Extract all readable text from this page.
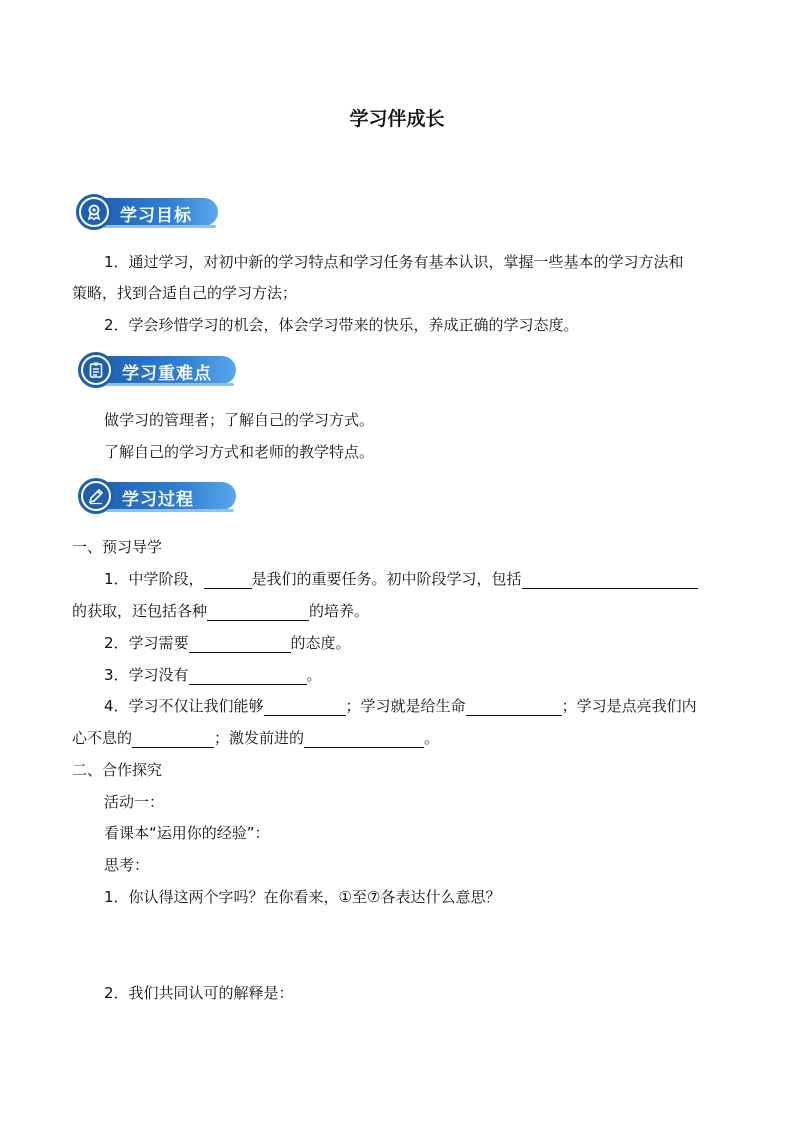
学习伴成长
学习目标
1．通过学习，对初中新的学习特点和学习任务有基本认识，掌握一些基本的学习方法和
策略，找到合适自己的学习方法；
2．学会珍惜学习的机会，体会学习带来的快乐，养成正确的学习态度。
学习重难点
做学习的管理者；了解自己的学习方式。
了解自己的学习方式和老师的教学特点。
学习过程
一、预习导学
1．中学阶段，	是我们的重要任务。初中阶段学习，包括
的获取，还包括各种	的培养。
2．学习需要	的态度。
3．学习没有	。
4．学习不仅让我们能够	；学习就是给生命	；学习是点亮我们内
心不息的	；激发前进的	。
二、合作探究
活动一：
看课本“运用你的经验”：
思考：
1．你认得这两个字吗？在你看来，①至⑦各表达什么意思？
2．我们共同认可的解释是：
